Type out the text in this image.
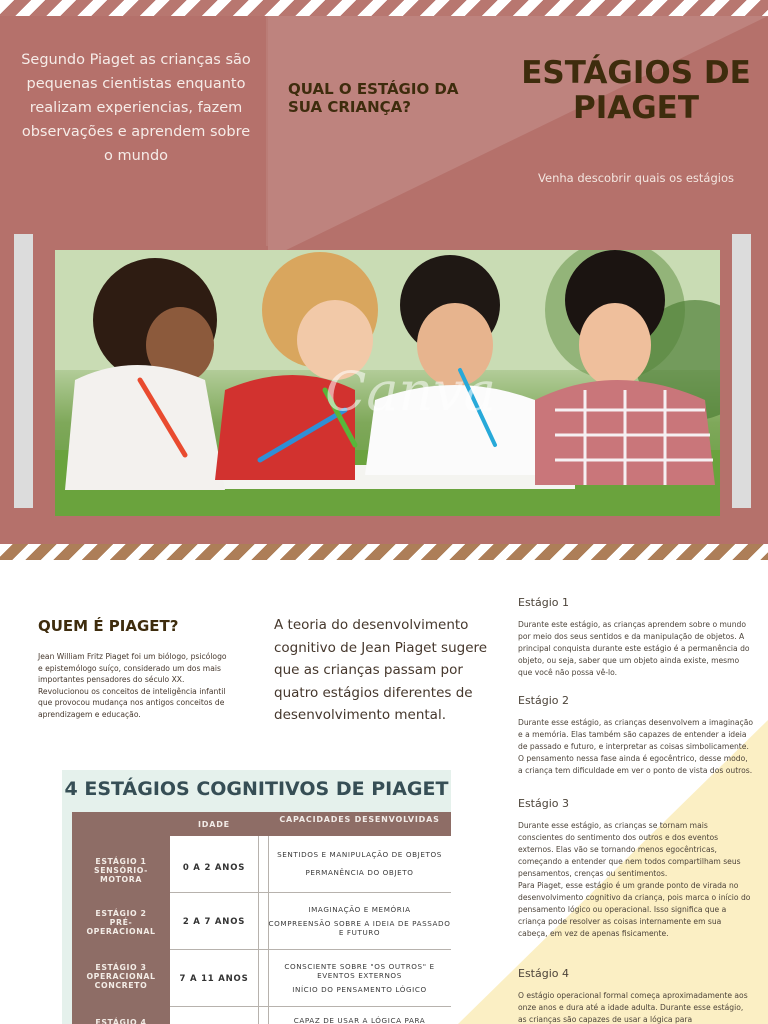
Segundo Piaget as crianças são pequenas cientistas enquanto realizam experiencias, fazem observações e aprendem sobre o mundo
QUAL O ESTÁGIO DA SUA CRIANÇA?
ESTÁGIOS DE PIAGET
Venha descobrir quais os estágios
Canva
QUEM É PIAGET?
Jean William Fritz Piaget foi um biólogo, psicólogo e epistemólogo suíço, considerado um dos mais importantes pensadores do século XX.
Revolucionou os conceitos de inteligência infantil que provocou mudança nos antigos conceitos de aprendizagem e educação.
A teoria do desenvolvimento cognitivo de Jean Piaget sugere que as crianças passam por quatro estágios diferentes de desenvolvimento mental.
Estágio 1
Durante este estágio, as crianças aprendem sobre o mundo por meio dos seus sentidos e da manipulação de objetos. A principal conquista durante este estágio é a permanência do objeto, ou seja, saber que um objeto ainda existe, mesmo que você não possa vê-lo.
Estágio 2
Durante esse estágio, as crianças desenvolvem a imaginação e a memória. Elas também são capazes de entender a ideia de passado e futuro, e interpretar as coisas simbolicamente. O pensamento nessa fase ainda é egocêntrico, desse modo, a criança tem dificuldade em ver o ponto de vista dos outros.
Estágio 3
Durante esse estágio, as crianças se tornam mais conscientes do sentimento dos outros e dos eventos externos. Elas vão se tornando menos egocêntricas, começando a entender que nem todos compartilham seus pensamentos, crenças ou sentimentos.
Para Piaget, esse estágio é um grande ponto de virada no desenvolvimento cognitivo da criança, pois marca o início do pensamento lógico ou operacional. Isso significa que a criança pode resolver as coisas internamente em sua cabeça, em vez de apenas fisicamente.
Estágio 4
O estágio operacional formal começa aproximadamente aos onze anos e dura até a idade adulta. Durante esse estágio, as crianças são capazes de usar a lógica para
4 ESTÁGIOS COGNITIVOS DE PIAGET
IDADE
CAPACIDADES DESENVOLVIDAS
ESTÁGIO 1 SENSÓRIO-MOTORA
0 A 2 ANOS
SENTIDOS E MANIPULAÇÃO DE OBJETOS
PERMANÊNCIA DO OBJETO
ESTÁGIO 2 PRÉ-OPERACIONAL
2 A 7 ANOS
IMAGINAÇÃO E MEMÓRIA
COMPREENSÃO SOBRE A IDEIA DE PASSADO E FUTURO
ESTÁGIO 3 OPERACIONAL CONCRETO
7 A 11 ANOS
CONSCIENTE SOBRE "OS OUTROS" E EVENTOS EXTERNOS
INÍCIO DO PENSAMENTO LÓGICO
ESTÁGIO 4	CAPAZ DE USAR A LÓGICA PARA
